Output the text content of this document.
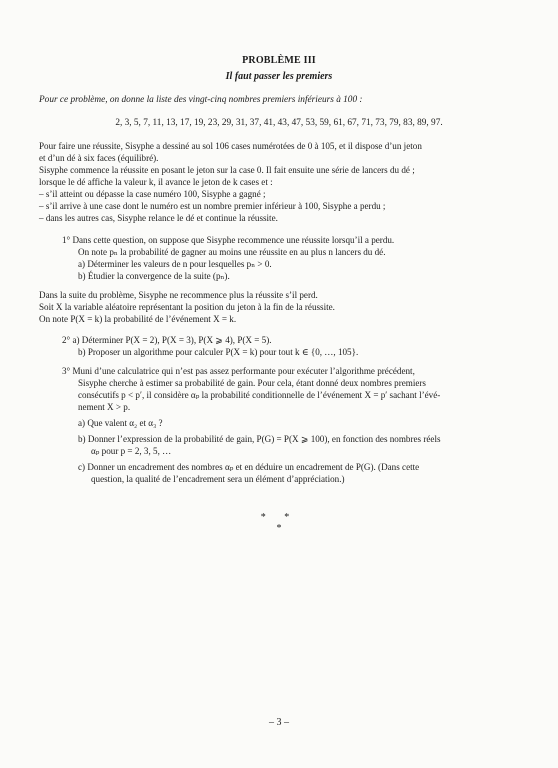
PROBLÈME III
Il faut passer les premiers
Pour ce problème, on donne la liste des vingt-cinq nombres premiers inférieurs à 100 :
2, 3, 5, 7, 11, 13, 17, 19, 23, 29, 31, 37, 41, 43, 47, 53, 59, 61, 67, 71, 73, 79, 83, 89, 97.
Pour faire une réussite, Sisyphe a dessiné au sol 106 cases numérotées de 0 à 105, et il dispose d’un jeton
et d’un dé à six faces (équilibré).
Sisyphe commence la réussite en posant le jeton sur la case 0. Il fait ensuite une série de lancers du dé ;
lorsque le dé affiche la valeur k, il avance le jeton de k cases et :
– s’il atteint ou dépasse la case numéro 100, Sisyphe a gagné ;
– s’il arrive à une case dont le numéro est un nombre premier inférieur à 100, Sisyphe a perdu ;
– dans les autres cas, Sisyphe relance le dé et continue la réussite.
1° Dans cette question, on suppose que Sisyphe recommence une réussite lorsqu’il a perdu.
On note pₙ la probabilité de gagner au moins une réussite en au plus n lancers du dé.
a) Déterminer les valeurs de n pour lesquelles pₙ > 0.
b) Étudier la convergence de la suite (pₙ).
Dans la suite du problème, Sisyphe ne recommence plus la réussite s’il perd.
Soit X la variable aléatoire représentant la position du jeton à la fin de la réussite.
On note P(X = k) la probabilité de l’événement X = k.
2° a) Déterminer P(X = 2), P(X = 3), P(X ⩾ 4), P(X = 5).
b) Proposer un algorithme pour calculer P(X = k) pour tout k ∈ {0, …, 105}.
3° Muni d’une calculatrice qui n’est pas assez performante pour exécuter l’algorithme précédent,
Sisyphe cherche à estimer sa probabilité de gain. Pour cela, étant donné deux nombres premiers
consécutifs p < p′, il considère αₚ la probabilité conditionnelle de l’événement X = p′ sachant l’évé-
nement X > p.
a) Que valent α₂ et α₃ ?
b) Donner l’expression de la probabilité de gain, P(G) = P(X ⩾ 100), en fonction des nombres réels
αₚ pour p = 2, 3, 5, …
c) Donner un encadrement des nombres αₚ et en déduire un encadrement de P(G). (Dans cette
question, la qualité de l’encadrement sera un élément d’appréciation.)
* *
*
– 3 –
